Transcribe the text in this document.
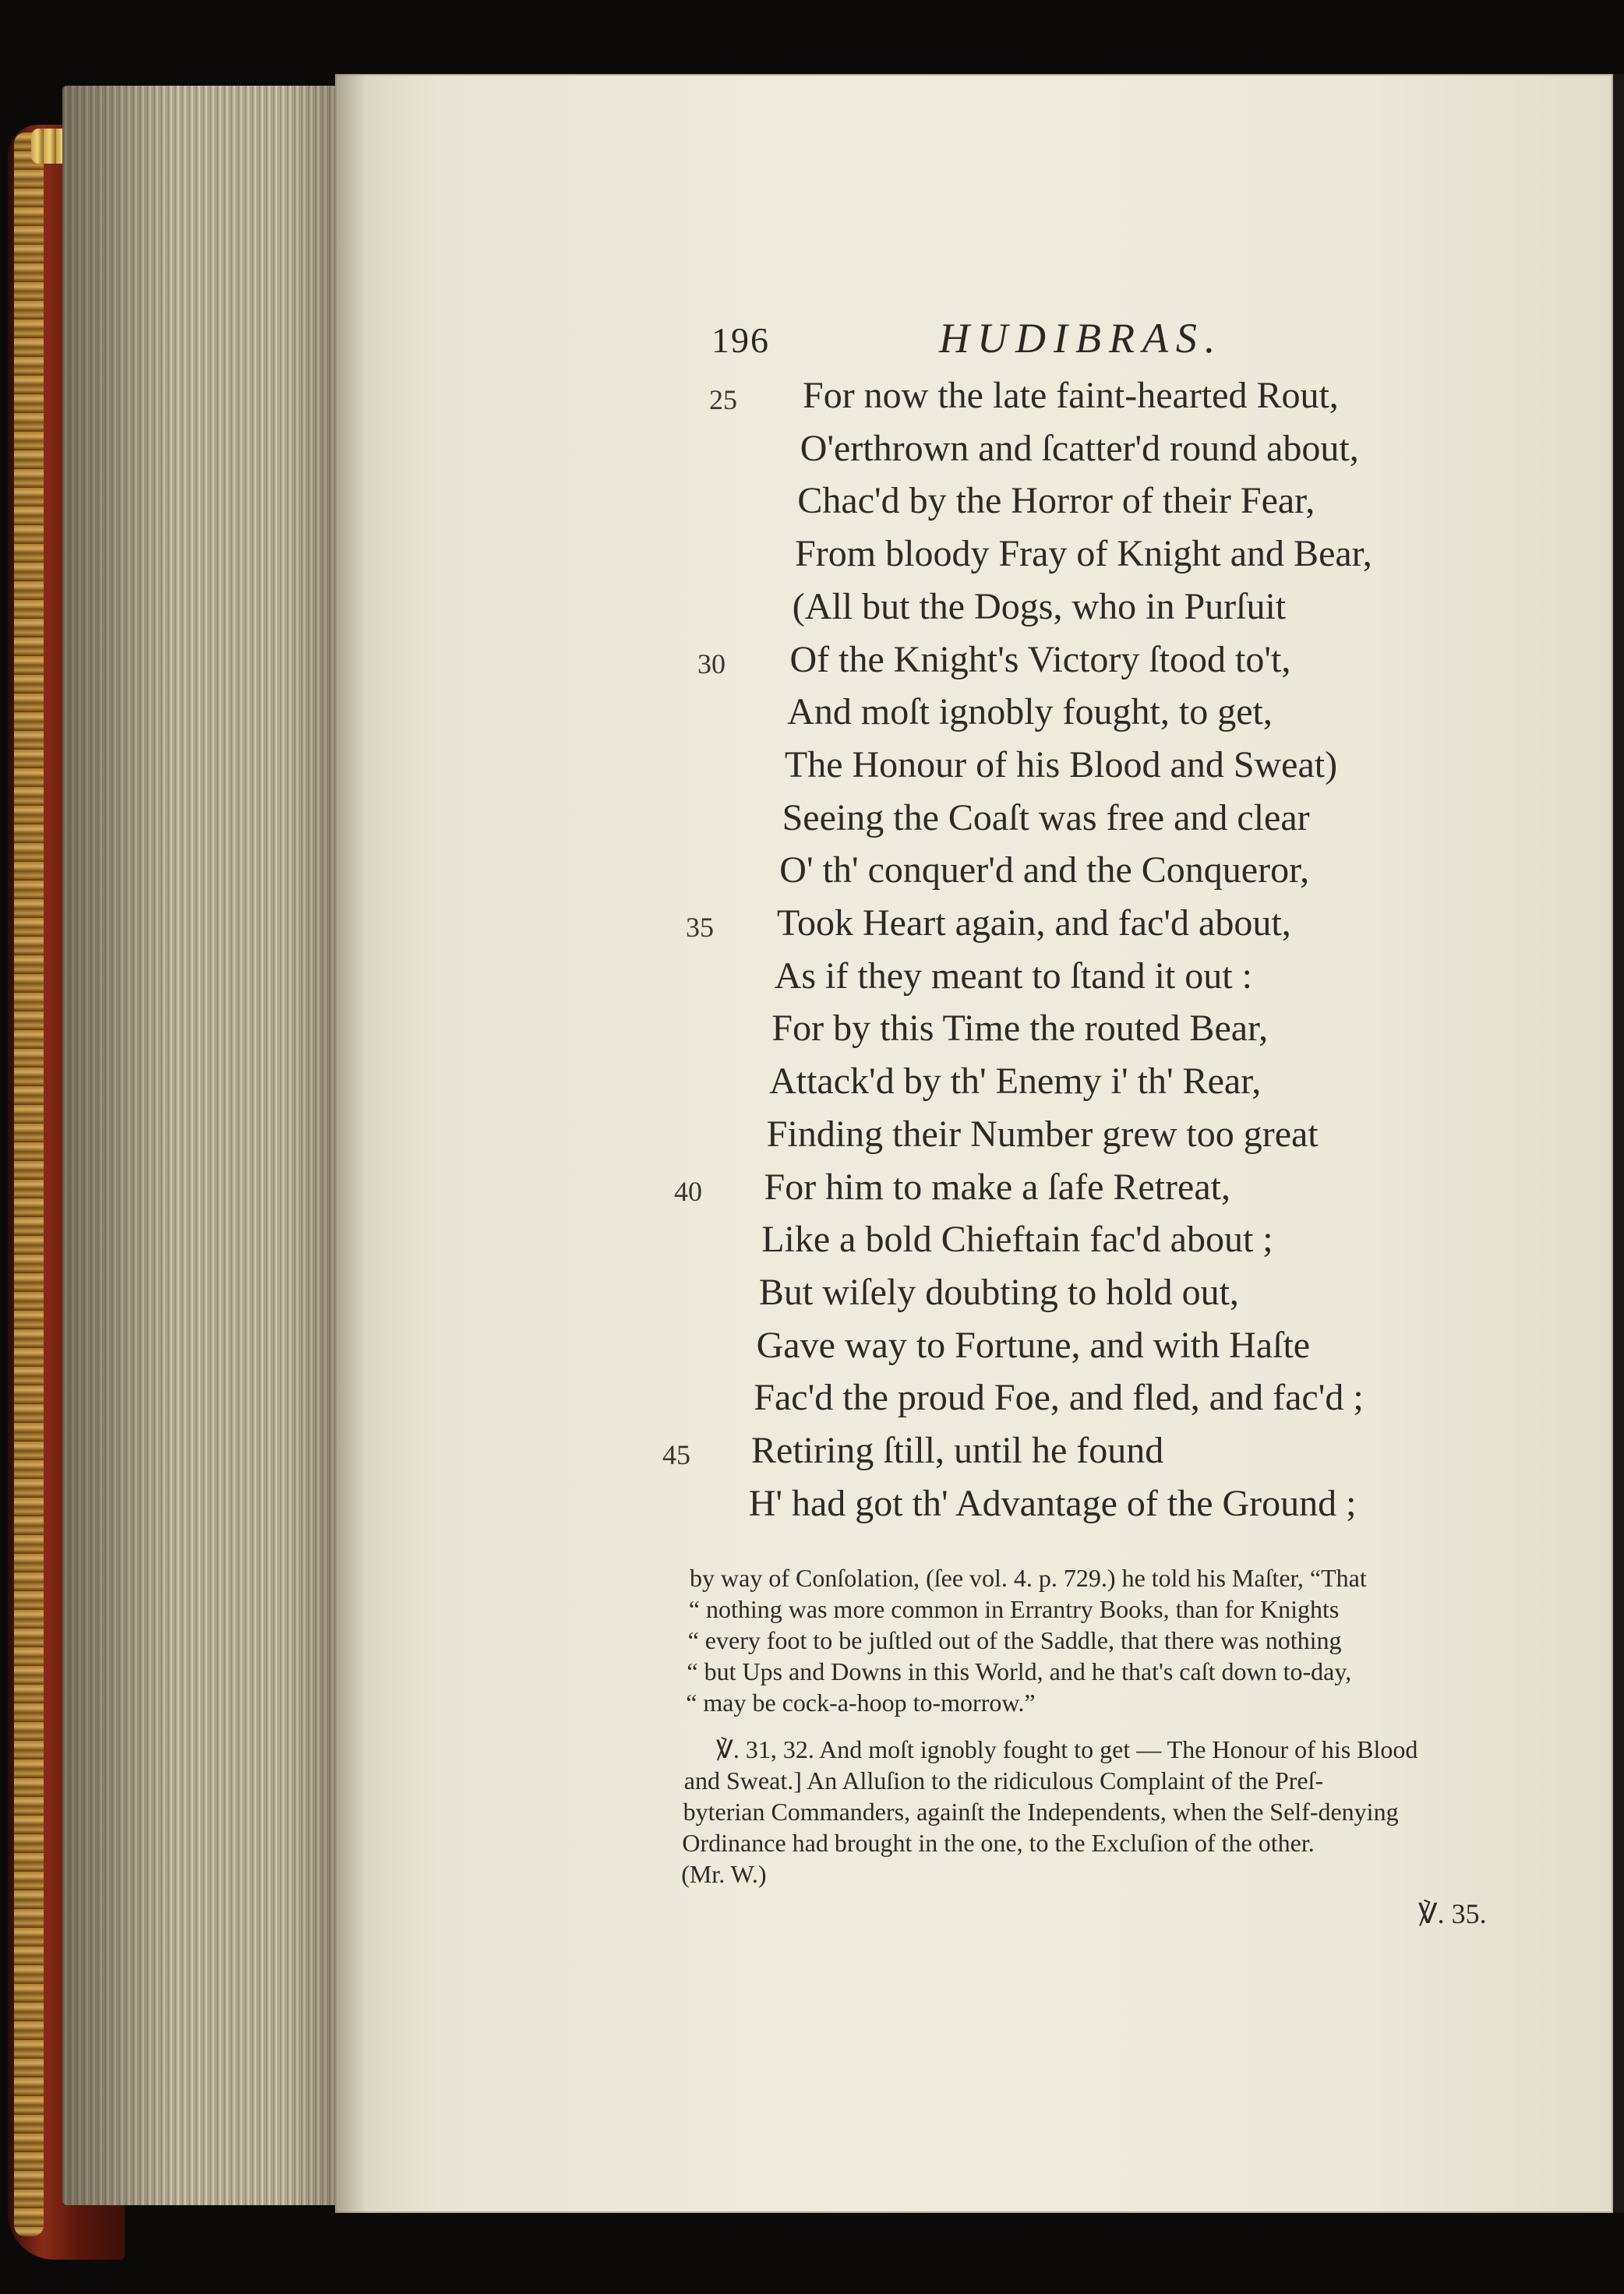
196	HUDIBRAS.
For now the late faint-hearted Rout,
25
O'erthrown and ſcatter'd round about,
Chac'd by the Horror of their Fear,
From bloody Fray of Knight and Bear,
(All but the Dogs, who in Purſuit
Of the Knight's Victory ſtood to't,
30
And moſt ignobly fought, to get,
The Honour of his Blood and Sweat)
Seeing the Coaſt was free and clear
O' th' conquer'd and the Conqueror,
Took Heart again, and fac'd about,
35
As if they meant to ſtand it out :
For by this Time the routed Bear,
Attack'd by th' Enemy i' th' Rear,
Finding their Number grew too great
For him to make a ſafe Retreat,
40
Like a bold Chieftain fac'd about ;
But wiſely doubting to hold out,
Gave way to Fortune, and with Haſte
Fac'd the proud Foe, and fled, and fac'd ;
Retiring ſtill, until he found
45
H' had got th' Advantage of the Ground ;
by way of Conſolation, (ſee vol. 4. p. 729.) he told his Maſter, “That
“ nothing was more common in Errantry Books, than for Knights
“ every foot to be juſtled out of the Saddle, that there was nothing
“ but Ups and Downs in this World, and he that's caſt down to-day,
“ may be cock-a-hoop to-morrow.”
℣. 31, 32. And moſt ignobly fought to get — The Honour of his Blood
and Sweat.] An Alluſion to the ridiculous Complaint of the Preſ-
byterian Commanders, againſt the Independents, when the Self-denying
Ordinance had brought in the one, to the Excluſion of the other.
(Mr. W.)
℣. 35.
